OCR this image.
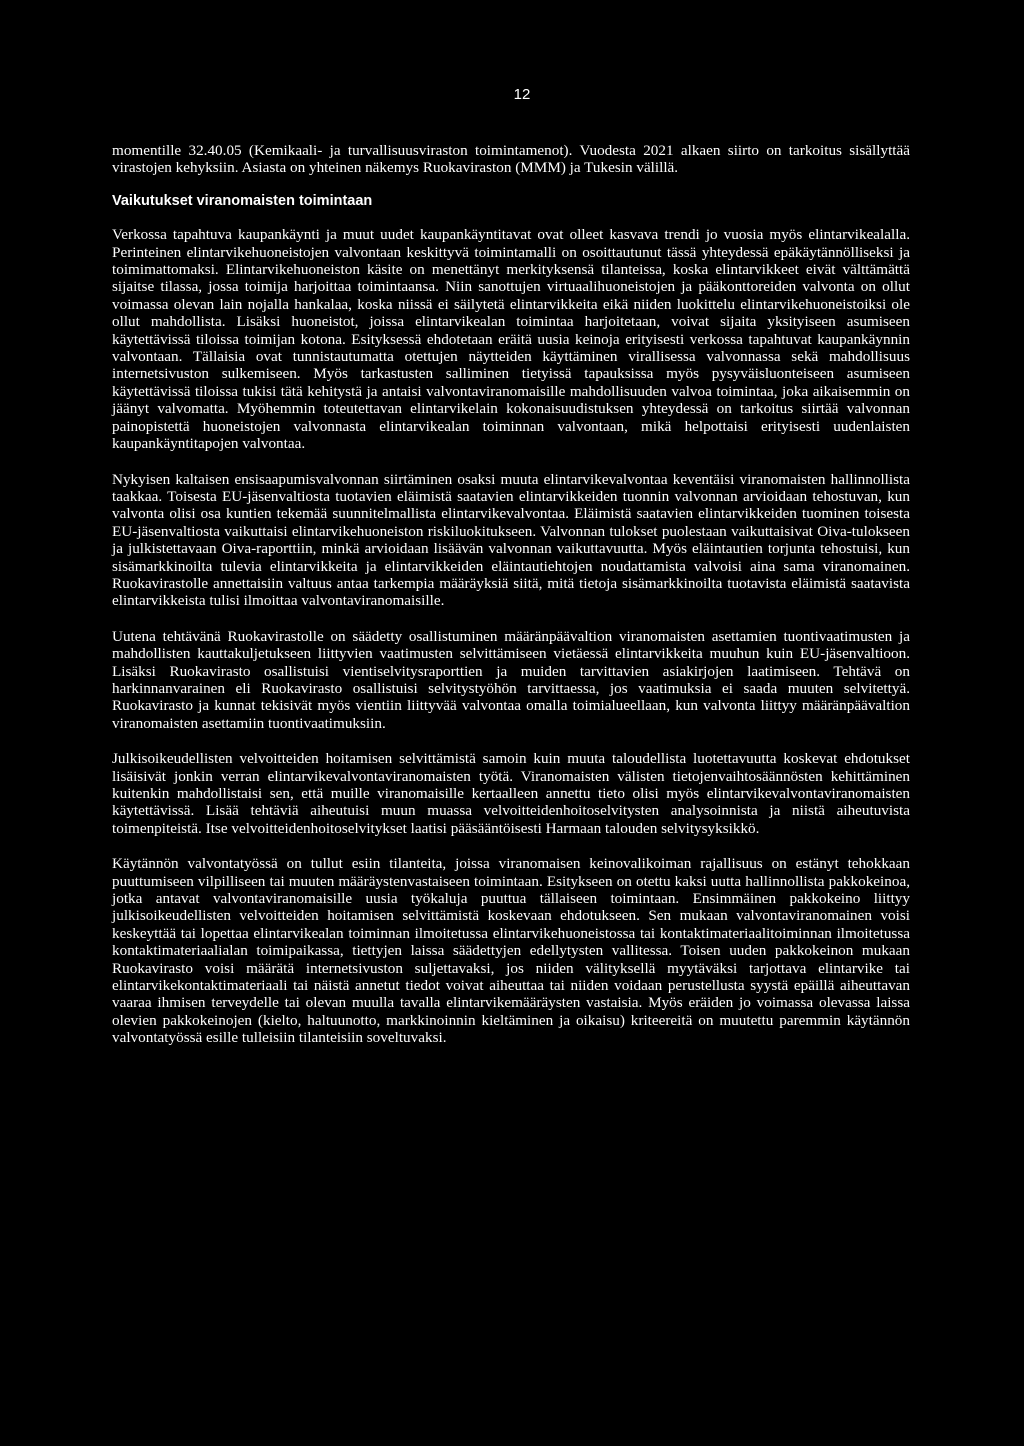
12

momentille 32.40.05 (Kemikaali- ja turvallisuusviraston toimintamenot). Vuodesta 2021 alkaen siirto on tarkoitus sisällyttää virastojen kehyksiin. Asiasta on yhteinen näkemys Ruokaviraston (MMM) ja Tukesin välillä.

Vaikutukset viranomaisten toimintaan

Verkossa tapahtuva kaupankäynti ja muut uudet kaupankäyntitavat ovat olleet kasvava trendi jo vuosia myös elintarvikealalla. Perinteinen elintarvikehuoneistojen valvontaan keskittyvä toimintamalli on osoittautunut tässä yhteydessä epäkäytännölliseksi ja toimimattomaksi. Elintarvikehuoneiston käsite on menettänyt merkityksensä tilanteissa, koska elintarvikkeet eivät välttämättä sijaitse tilassa, jossa toimija harjoittaa toimintaansa. Niin sanottujen virtuaalihuoneistojen ja pääkonttoreiden valvonta on ollut voimassa olevan lain nojalla hankalaa, koska niissä ei säilytetä elintarvikkeita eikä niiden luokittelu elintarvikehuoneistoiksi ole ollut mahdollista. Lisäksi huoneistot, joissa elintarvikealan toimintaa harjoitetaan, voivat sijaita yksityiseen asumiseen käytettävissä tiloissa toimijan kotona. Esityksessä ehdotetaan eräitä uusia keinoja erityisesti verkossa tapahtuvat kaupankäynnin valvontaan. Tällaisia ovat tunnistautumatta otettujen näytteiden käyttäminen virallisessa valvonnassa sekä mahdollisuus internetsivuston sulkemiseen. Myös tarkastusten salliminen tietyissä tapauksissa myös pysyväisluonteiseen asumiseen käytettävissä tiloissa tukisi tätä kehitystä ja antaisi valvontaviranomaisille mahdollisuuden valvoa toimintaa, joka aikaisemmin on jäänyt valvomatta. Myöhemmin toteutettavan elintarvikelain kokonaisuudistuksen yhteydessä on tarkoitus siirtää valvonnan painopistettä huoneistojen valvonnasta elintarvikealan toiminnan valvontaan, mikä helpottaisi erityisesti uudenlaisten kaupankäyntitapojen valvontaa.

Nykyisen kaltaisen ensisaapumisvalvonnan siirtäminen osaksi muuta elintarvikevalvontaa keventäisi viranomaisten hallinnollista taakkaa. Toisesta EU-jäsenvaltiosta tuotavien eläimistä saatavien elintarvikkeiden tuonnin valvonnan arvioidaan tehostuvan, kun valvonta olisi osa kuntien tekemää suunnitelmallista elintarvikevalvontaa. Eläimistä saatavien elintarvikkeiden tuominen toisesta EU-jäsenvaltiosta vaikuttaisi elintarvikehuoneiston riskiluokitukseen. Valvonnan tulokset puolestaan vaikuttaisivat Oiva-tulokseen ja julkistettavaan Oiva-raporttiin, minkä arvioidaan lisäävän valvonnan vaikuttavuutta. Myös eläintautien torjunta tehostuisi, kun sisämarkkinoilta tulevia elintarvikkeita ja elintarvikkeiden eläintautiehtojen noudattamista valvoisi aina sama viranomainen. Ruokavirastolle annettaisiin valtuus antaa tarkempia määräyksiä siitä, mitä tietoja sisämarkkinoilta tuotavista eläimistä saatavista elintarvikkeista tulisi ilmoittaa valvontaviranomaisille.

Uutena tehtävänä Ruokavirastolle on säädetty osallistuminen määränpäävaltion viranomaisten asettamien tuontivaatimusten ja mahdollisten kauttakuljetukseen liittyvien vaatimusten selvittämiseen vietäessä elintarvikkeita muuhun kuin EU-jäsenvaltioon. Lisäksi Ruokavirasto osallistuisi vientiselvitysraporttien ja muiden tarvittavien asiakirjojen laatimiseen. Tehtävä on harkinnanvarainen eli Ruokavirasto osallistuisi selvitystyöhön tarvittaessa, jos vaatimuksia ei saada muuten selvitettyä. Ruokavirasto ja kunnat tekisivät myös vientiin liittyvää valvontaa omalla toimialueellaan, kun valvonta liittyy määränpäävaltion viranomaisten asettamiin tuontivaatimuksiin.

Julkisoikeudellisten velvoitteiden hoitamisen selvittämistä samoin kuin muuta taloudellista luotettavuutta koskevat ehdotukset lisäisivät jonkin verran elintarvikevalvontaviranomaisten työtä. Viranomaisten välisten tietojenvaihtosäännösten kehittäminen kuitenkin mahdollistaisi sen, että muille viranomaisille kertaalleen annettu tieto olisi myös elintarvikevalvontaviranomaisten käytettävissä. Lisää tehtäviä aiheutuisi muun muassa velvoitteidenhoitoselvitysten analysoinnista ja niistä aiheutuvista toimenpiteistä. Itse velvoitteidenhoitoselvitykset laatisi pääsääntöisesti Harmaan talouden selvitysyksikkö.

Käytännön valvontatyössä on tullut esiin tilanteita, joissa viranomaisen keinovalikoiman rajallisuus on estänyt tehokkaan puuttumiseen vilpilliseen tai muuten määräystenvastaiseen toimintaan. Esitykseen on otettu kaksi uutta hallinnollista pakkokeinoa, jotka antavat valvontaviranomaisille uusia työkaluja puuttua tällaiseen toimintaan. Ensimmäinen pakkokeino liittyy julkisoikeudellisten velvoitteiden hoitamisen selvittämistä koskevaan ehdotukseen. Sen mukaan valvontaviranomainen voisi keskeyttää tai lopettaa elintarvikealan toiminnan ilmoitetussa elintarvikehuoneistossa tai kontaktimateriaalitoiminnan ilmoitetussa kontaktimateriaalialan toimipaikassa, tiettyjen laissa säädettyjen edellytysten vallitessa. Toisen uuden pakkokeinon mukaan Ruokavirasto voisi määrätä internetsivuston suljettavaksi, jos niiden välityksellä myytäväksi tarjottava elintarvike tai elintarvikekontaktimateriaali tai näistä annetut tiedot voivat aiheuttaa tai niiden voidaan perustellusta syystä epäillä aiheuttavan vaaraa ihmisen terveydelle tai olevan muulla tavalla elintarvikemääräysten vastaisia. Myös eräiden jo voimassa olevassa laissa olevien pakkokeinojen (kielto, haltuunotto, markkinoinnin kieltäminen ja oikaisu) kriteereitä on muutettu paremmin käytännön valvontatyössä esille tulleisiin tilanteisiin soveltuvaksi.
